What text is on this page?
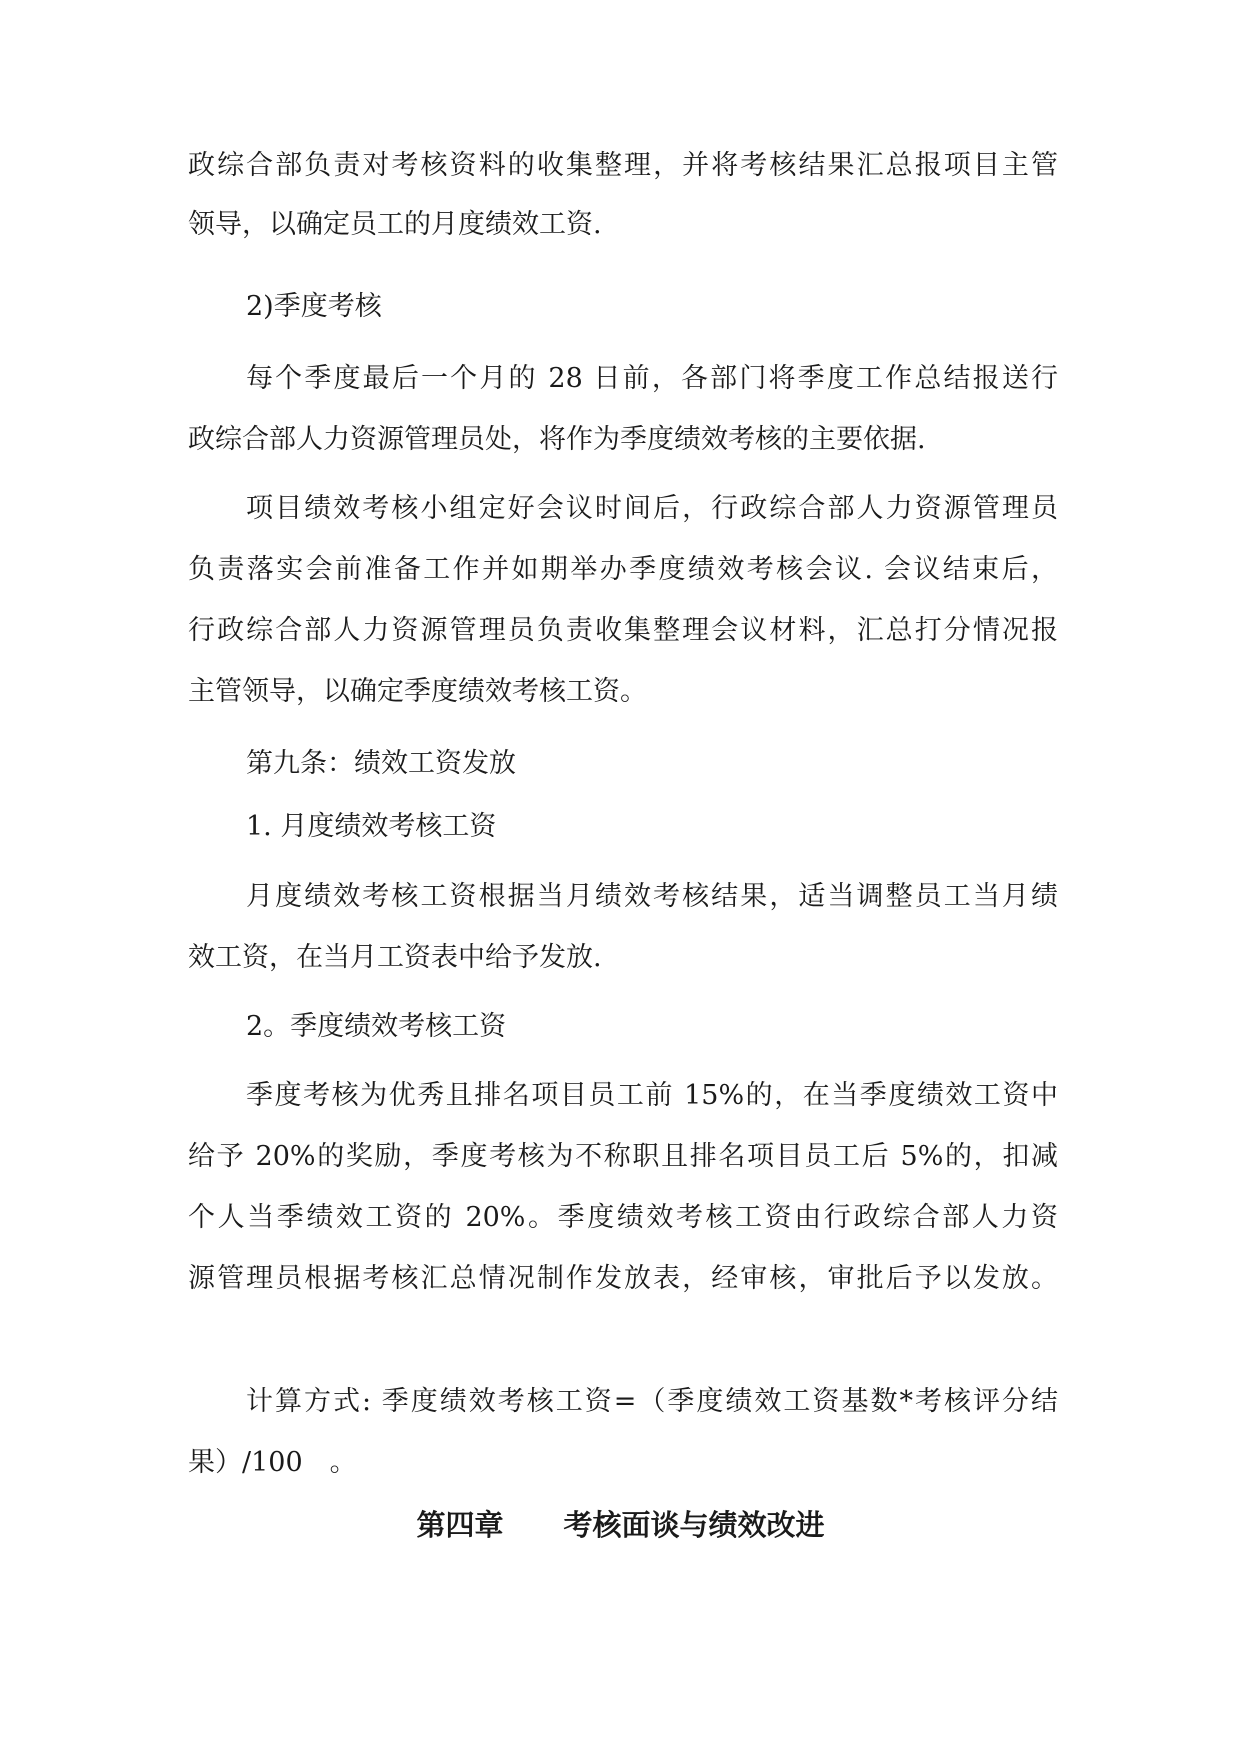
政综合部负责对考核资料的收集整理，并将考核结果汇总报项目主管

领导，以确定员工的月度绩效工资.

2)季度考核

每个季度最后一个月的 28 日前，各部门将季度工作总结报送行

政综合部人力资源管理员处，将作为季度绩效考核的主要依据.

项目绩效考核小组定好会议时间后，行政综合部人力资源管理员

负责落实会前准备工作并如期举办季度绩效考核会议. 会议结束后，

行政综合部人力资源管理员负责收集整理会议材料，汇总打分情况报

主管领导，以确定季度绩效考核工资。

第九条：绩效工资发放

1. 月度绩效考核工资

月度绩效考核工资根据当月绩效考核结果，适当调整员工当月绩

效工资，在当月工资表中给予发放.

2。季度绩效考核工资

季度考核为优秀且排名项目员工前 15%的，在当季度绩效工资中

给予 20%的奖励，季度考核为不称职且排名项目员工后 5%的，扣减

个人当季绩效工资的 20%。季度绩效考核工资由行政综合部人力资

源管理员根据考核汇总情况制作发放表，经审核，审批后予以发放。

计算方式: 季度绩效考核工资=（季度绩效工资基数*考核评分结

果）/100　。

第四章 考核面谈与绩效改进
